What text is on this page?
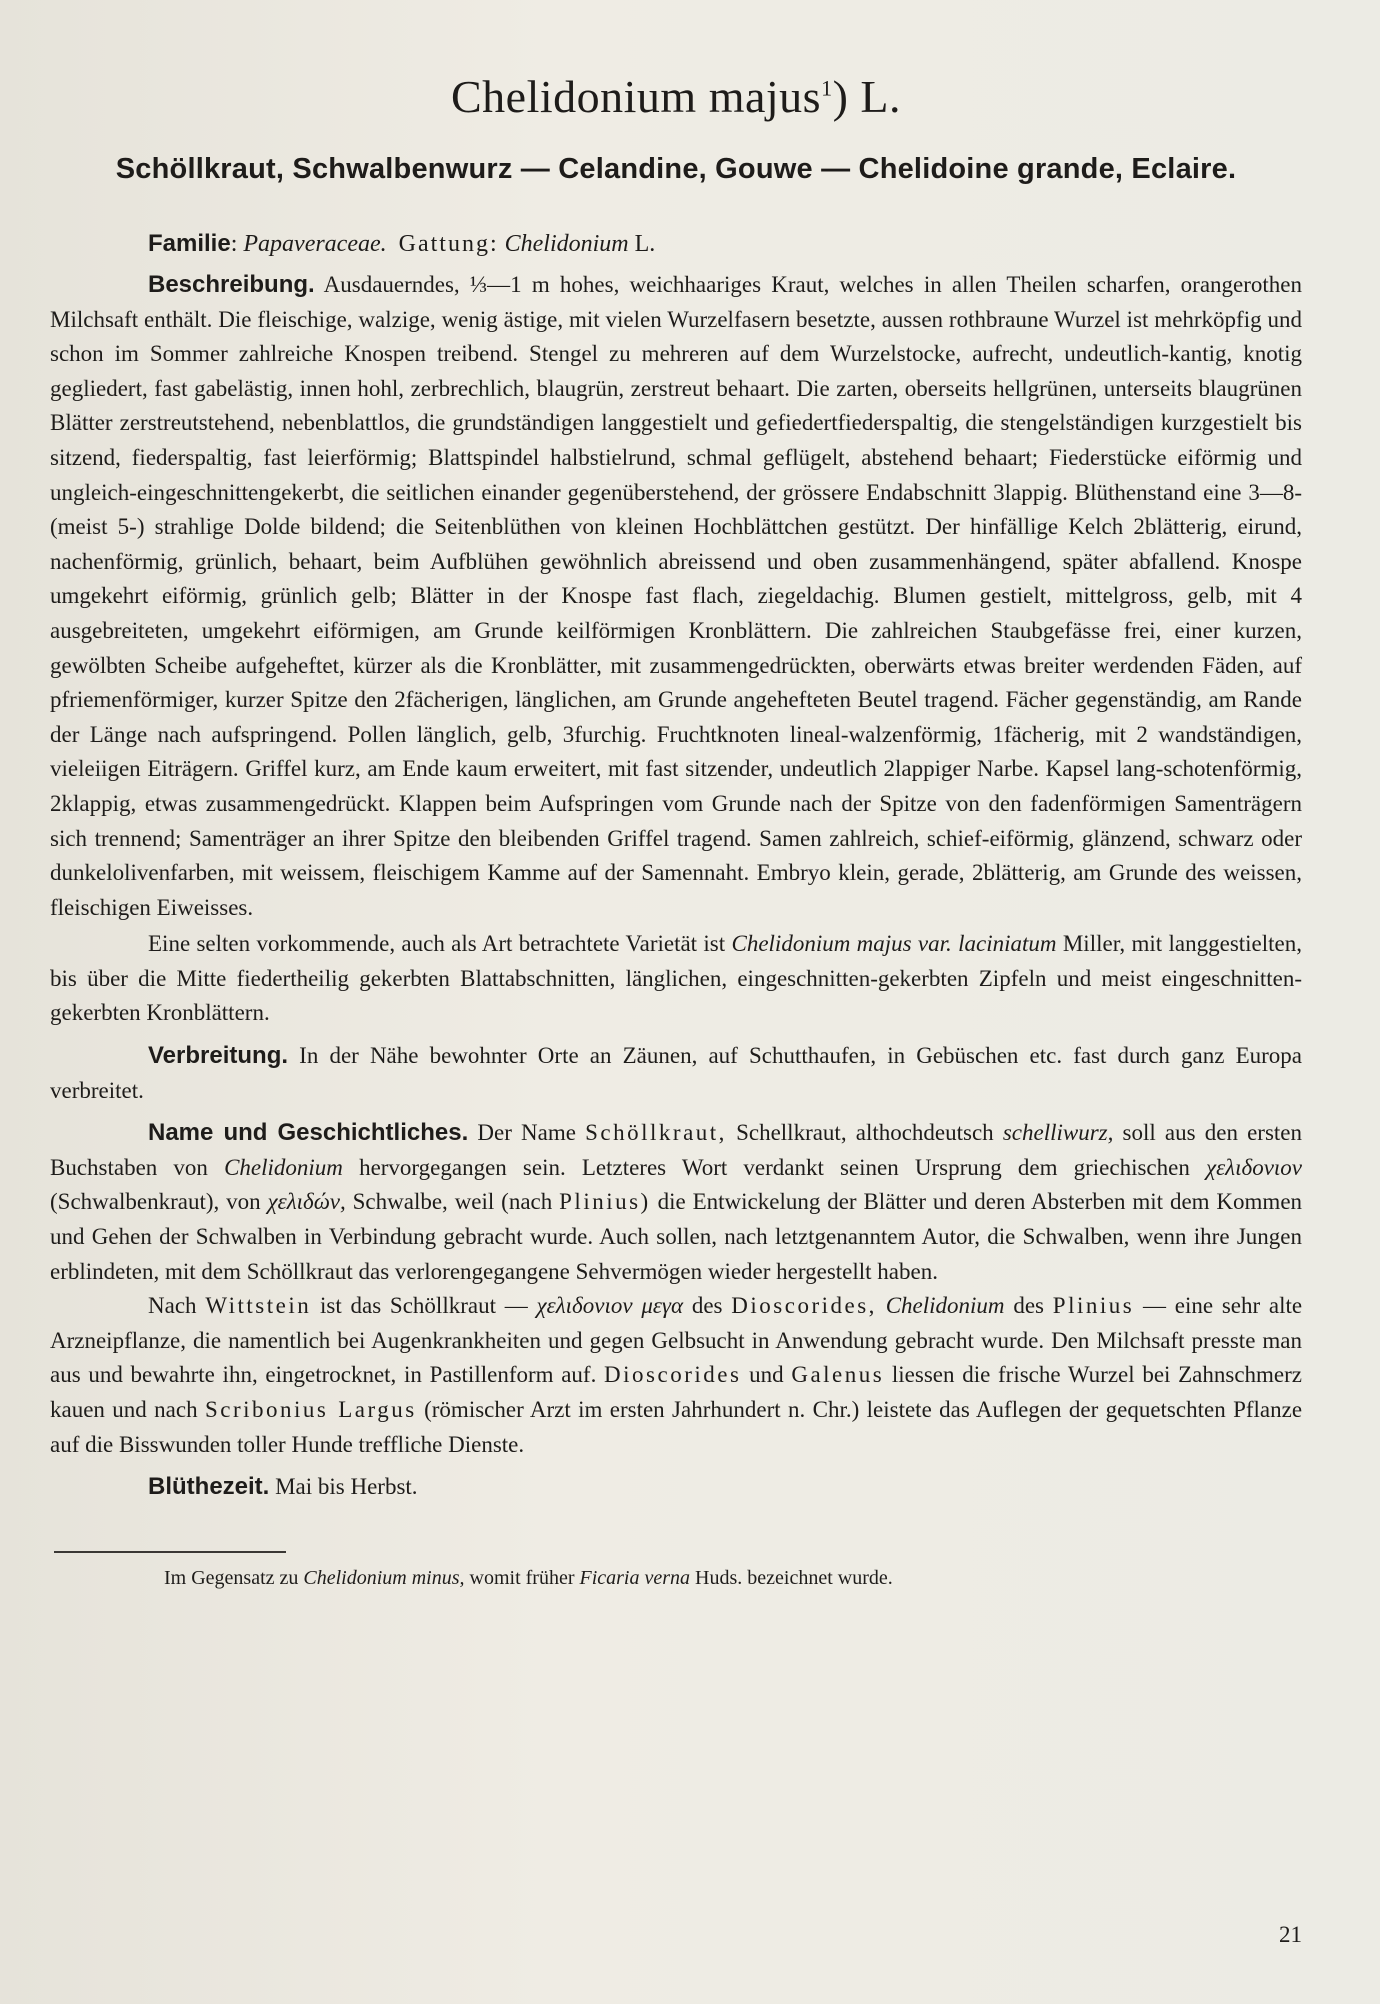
Chelidonium majus$^1$) L.
Schöllkraut, Schwalbenwurz — Celandine, Gouwe — Chelidoine grande, Eclaire.
Familie: Papaveraceae. Gattung: Chelidonium L.

Beschreibung. Ausdauerndes, ⅓—1 m hohes, weichhaariges Kraut, welches in allen Theilen scharfen, orangerothen Milchsaft enthält. Die fleischige, walzige, wenig ästige, mit vielen Wurzelfasern besetzte, aussen rothbraune Wurzel ist mehrköpfig und schon im Sommer zahlreiche Knospen treibend. Stengel zu mehreren auf dem Wurzelstocke, aufrecht, undeutlich-kantig, knotig gegliedert, fast gabelästig, innen hohl, zerbrechlich, blaugrün, zerstreut behaart. Die zarten, oberseits hellgrünen, unterseits blaugrünen Blätter zerstreutstehend, nebenblattlos, die grundständigen langgestielt und gefiedertfiederspaltig, die stengelständigen kurzgestielt bis sitzend, fiederspaltig, fast leierförmig; Blattspindel halbstielrund, schmal geflügelt, abstehend behaart; Fiederstücke eiförmig und ungleich-eingeschnittengekerbt, die seitlichen einander gegenüberstehend, der grössere Endabschnitt 3lappig. Blüthenstand eine 3—8- (meist 5-) strahlige Dolde bildend; die Seitenblüthen von kleinen Hochblättchen gestützt. Der hinfällige Kelch 2blätterig, eirund, nachenförmig, grünlich, behaart, beim Aufblühen gewöhnlich abreissend und oben zusammenhängend, später abfallend. Knospe umgekehrt eiförmig, grünlich gelb; Blätter in der Knospe fast flach, ziegeldachig. Blumen gestielt, mittelgross, gelb, mit 4 ausgebreiteten, umgekehrt eiförmigen, am Grunde keilförmigen Kronblättern. Die zahlreichen Staubgefässe frei, einer kurzen, gewölbten Scheibe aufgeheftet, kürzer als die Kronblätter, mit zusammengedrückten, oberwärts etwas breiter werdenden Fäden, auf pfriemenförmiger, kurzer Spitze den 2fächerigen, länglichen, am Grunde angehefteten Beutel tragend. Fächer gegenständig, am Rande der Länge nach aufspringend. Pollen länglich, gelb, 3furchig. Fruchtknoten lineal-walzenförmig, 1fächerig, mit 2 wandständigen, vieleiigen Eiträgern. Griffel kurz, am Ende kaum erweitert, mit fast sitzender, undeutlich 2lappiger Narbe. Kapsel lang-schotenförmig, 2klappig, etwas zusammengedrückt. Klappen beim Aufspringen vom Grunde nach der Spitze von den fadenförmigen Samenträgern sich trennend; Samenträger an ihrer Spitze den bleibenden Griffel tragend. Samen zahlreich, schief-eiförmig, glänzend, schwarz oder dunkelolivenfarben, mit weissem, fleischigem Kamme auf der Samennaht. Embryo klein, gerade, 2blätterig, am Grunde des weissen, fleischigen Eiweisses.

Eine selten vorkommende, auch als Art betrachtete Varietät ist Chelidonium majus var. laciniatum Miller, mit langgestielten, bis über die Mitte fiedertheilig gekerbten Blattabschnitten, länglichen, eingeschnitten-gekerbten Zipfeln und meist eingeschnitten-gekerbten Kronblättern.

Verbreitung. In der Nähe bewohnter Orte an Zäunen, auf Schutthaufen, in Gebüschen etc. fast durch ganz Europa verbreitet.

Name und Geschichtliches. Der Name Schöllkraut, Schellkraut, althochdeutsch schelliwurz, soll aus den ersten Buchstaben von Chelidonium hervorgegangen sein. Letzteres Wort verdankt seinen Ursprung dem griechischen χελιδονιον (Schwalbenkraut), von χελιδών, Schwalbe, weil (nach Plinius) die Entwickelung der Blätter und deren Absterben mit dem Kommen und Gehen der Schwalben in Verbindung gebracht wurde. Auch sollen, nach letztgenanntem Autor, die Schwalben, wenn ihre Jungen erblindeten, mit dem Schöllkraut das verlorengegangene Sehvermögen wieder hergestellt haben.

Nach Wittstein ist das Schöllkraut — χελιδονιον μεγα des Dioscorides, Chelidonium des Plinius — eine sehr alte Arzneipflanze, die namentlich bei Augenkrankheiten und gegen Gelbsucht in Anwendung gebracht wurde. Den Milchsaft presste man aus und bewahrte ihn, eingetrocknet, in Pastillenform auf. Dioscorides und Galenus liessen die frische Wurzel bei Zahnschmerz kauen und nach Scribonius Largus (römischer Arzt im ersten Jahrhundert n. Chr.) leistete das Auflegen der gequetschten Pflanze auf die Bisswunden toller Hunde treffliche Dienste.

Blüthezeit. Mai bis Herbst.

Im Gegensatz zu Chelidonium minus, womit früher Ficaria verna Huds. bezeichnet wurde.
21
